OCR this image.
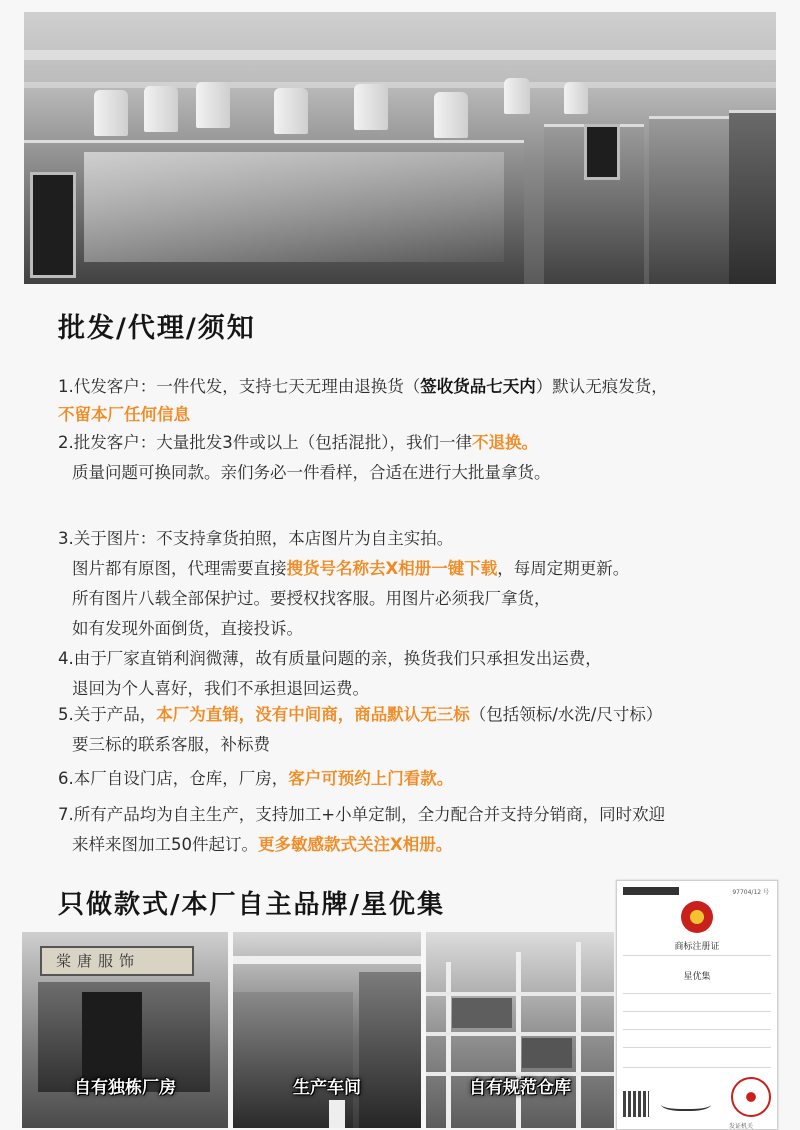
批发/代理/须知
1.代发客户：一件代发，支持七天无理由退换货（签收货品七天内）默认无痕发货，
不留本厂任何信息
2.批发客户：大量批发3件或以上（包括混批），我们一律不退换。
质量问题可换同款。亲们务必一件看样，合适在进行大批量拿货。
3.关于图片：不支持拿货拍照，本店图片为自主实拍。
图片都有原图，代理需要直接搜货号名称去X相册一键下载，每周定期更新。
所有图片八载全部保护过。要授权找客服。用图片必须我厂拿货，
如有发现外面倒货，直接投诉。
4.由于厂家直销利润微薄，故有质量问题的亲，换货我们只承担发出运费，
退回为个人喜好，我们不承担退回运费。
5.关于产品，本厂为直销，没有中间商，商品默认无三标（包括领标/水洗/尺寸标）
要三标的联系客服，补标费
6.本厂自设门店，仓库，厂房，客户可预约上门看款。
7.所有产品均为自主生产，支持加工+小单定制，全力配合并支持分销商，同时欢迎
来样来图加工50件起订。更多敏感款式关注X相册。
只做款式/本厂自主品牌/星优集
棠唐服饰
自有独栋厂房	生产车间	自有规范仓库
97704/12 号
商标注册证
星优集
发证机关
